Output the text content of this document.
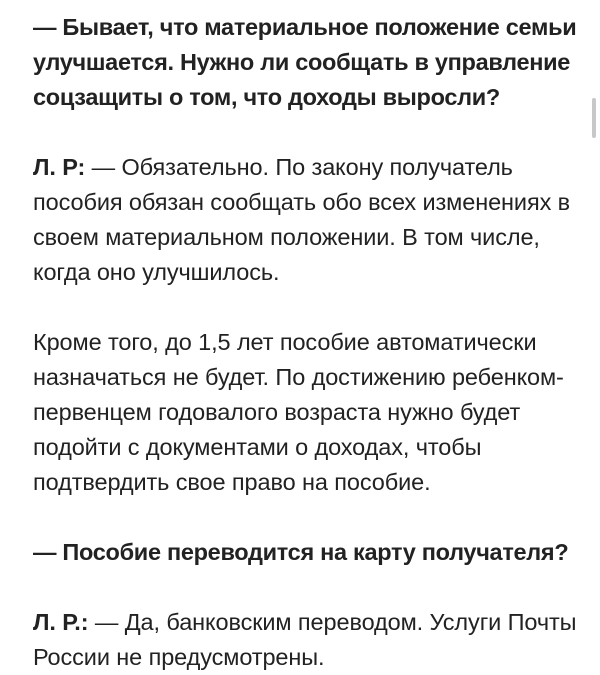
— Бывает, что материальное положение семьи улучшается. Нужно ли сообщать в управление соцзащиты о том, что доходы выросли?

Л. Р: — Обязательно. По закону получатель пособия обязан сообщать обо всех изменениях в своем материальном положении. В том числе, когда оно улучшилось.

Кроме того, до 1,5 лет пособие автоматически назначаться не будет. По достижению ребенком-первенцем годовалого возраста нужно будет подойти с документами о доходах, чтобы подтвердить свое право на пособие.

— Пособие переводится на карту получателя?

Л. Р.: — Да, банковским переводом. Услуги Почты России не предусмотрены.
